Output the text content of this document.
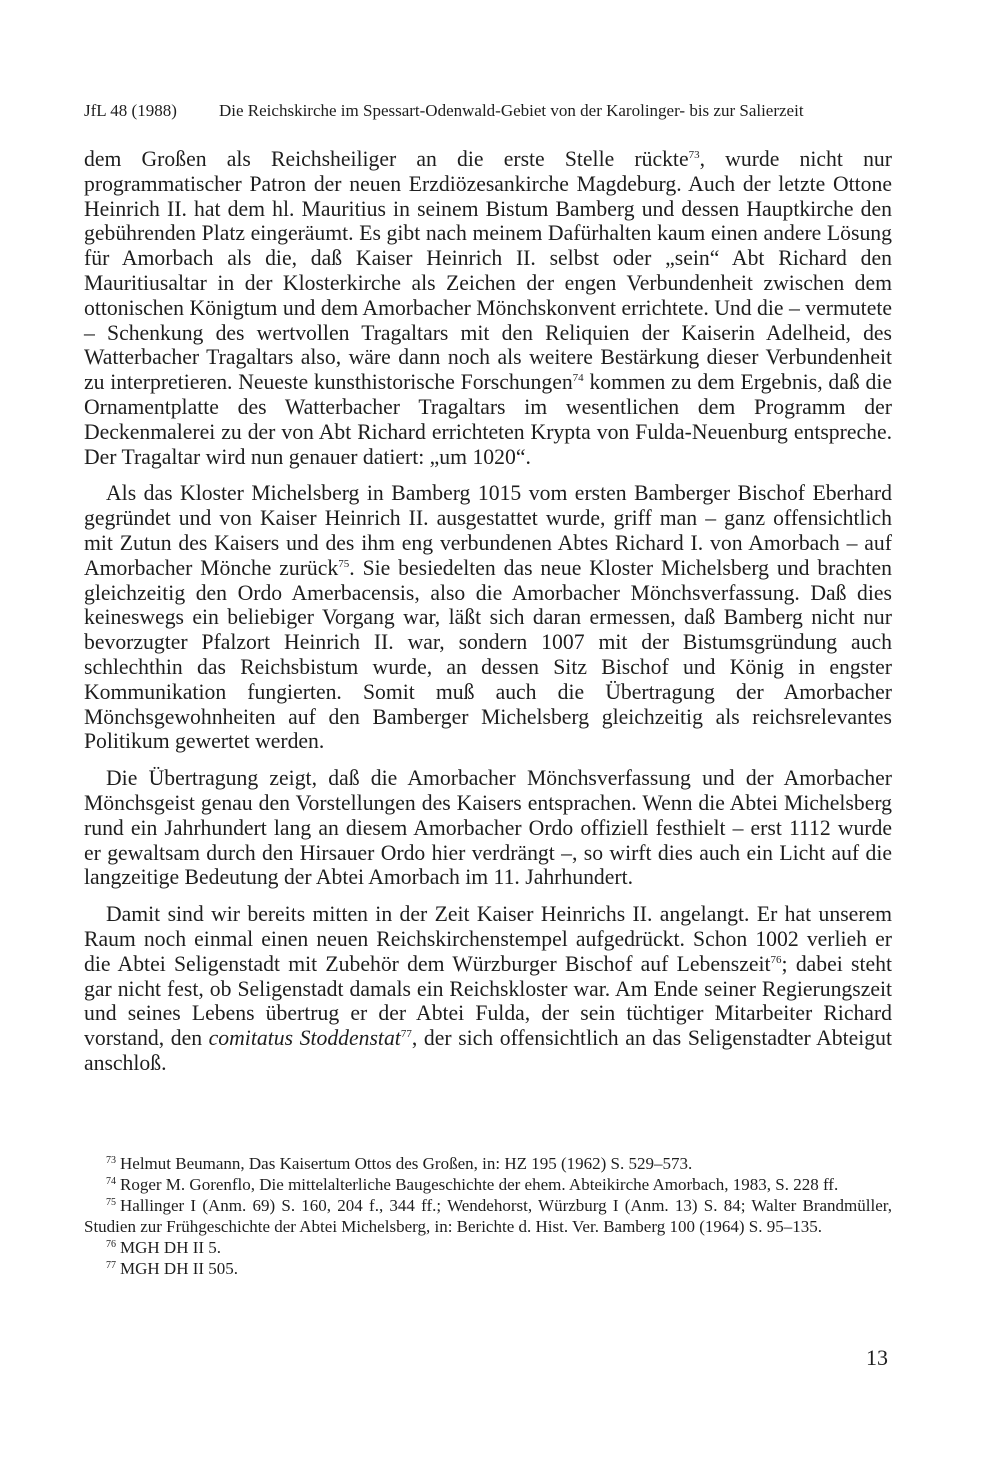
JfL 48 (1988) Die Reichskirche im Spessart-Odenwald-Gebiet von der Karolinger- bis zur Salierzeit

dem Großen als Reichsheiliger an die erste Stelle rückte$^{73}$, wurde nicht nur programmatischer Patron der neuen Erzdiözesankirche Magdeburg. Auch der letzte Ottone Heinrich II. hat dem hl. Mauritius in seinem Bistum Bamberg und dessen Hauptkirche den gebührenden Platz eingeräumt. Es gibt nach meinem Dafürhalten kaum einen andere Lösung für Amorbach als die, daß Kaiser Heinrich II. selbst oder „sein“ Abt Richard den Mauritiusaltar in der Klosterkirche als Zeichen der engen Verbundenheit zwischen dem ottonischen Königtum und dem Amorbacher Mönchskonvent errichtete. Und die – vermutete – Schenkung des wertvollen Tragaltars mit den Reliquien der Kaiserin Adelheid, des Watterbacher Tragaltars also, wäre dann noch als weitere Bestärkung dieser Verbundenheit zu interpretieren. Neueste kunsthistorische Forschungen$^{74}$ kommen zu dem Ergebnis, daß die Ornamentplatte des Watterbacher Tragaltars im wesentlichen dem Programm der Deckenmalerei zu der von Abt Richard errichteten Krypta von Fulda-Neuenburg entspreche. Der Tragaltar wird nun genauer datiert: „um 1020“.

Als das Kloster Michelsberg in Bamberg 1015 vom ersten Bamberger Bischof Eberhard gegründet und von Kaiser Heinrich II. ausgestattet wurde, griff man – ganz offensichtlich mit Zutun des Kaisers und des ihm eng verbundenen Abtes Richard I. von Amorbach – auf Amorbacher Mönche zurück$^{75}$. Sie besiedelten das neue Kloster Michelsberg und brachten gleichzeitig den Ordo Amerbacensis, also die Amorbacher Mönchsverfassung. Daß dies keineswegs ein beliebiger Vorgang war, läßt sich daran ermessen, daß Bamberg nicht nur bevorzugter Pfalzort Heinrich II. war, sondern 1007 mit der Bistumsgründung auch schlechthin das Reichsbistum wurde, an dessen Sitz Bischof und König in engster Kommunikation fungierten. Somit muß auch die Übertragung der Amorbacher Mönchsgewohnheiten auf den Bamberger Michelsberg gleichzeitig als reichsrelevantes Politikum gewertet werden.

Die Übertragung zeigt, daß die Amorbacher Mönchsverfassung und der Amorbacher Mönchsgeist genau den Vorstellungen des Kaisers entsprachen. Wenn die Abtei Michelsberg rund ein Jahrhundert lang an diesem Amorbacher Ordo offiziell festhielt – erst 1112 wurde er gewaltsam durch den Hirsauer Ordo hier verdrängt –, so wirft dies auch ein Licht auf die langzeitige Bedeutung der Abtei Amorbach im 11. Jahrhundert.

Damit sind wir bereits mitten in der Zeit Kaiser Heinrichs II. angelangt. Er hat unserem Raum noch einmal einen neuen Reichskirchenstempel aufgedrückt. Schon 1002 verlieh er die Abtei Seligenstadt mit Zubehör dem Würzburger Bischof auf Lebenszeit$^{76}$; dabei steht gar nicht fest, ob Seligenstadt damals ein Reichskloster war. Am Ende seiner Regierungszeit und seines Lebens übertrug er der Abtei Fulda, der sein tüchtiger Mitarbeiter Richard vorstand, den comitatus Stoddenstat$^{77}$, der sich offensichtlich an das Seligenstadter Abteigut anschloß.

$^{73}$ Helmut Beumann, Das Kaisertum Ottos des Großen, in: HZ 195 (1962) S. 529–573.
$^{74}$ Roger M. Gorenflo, Die mittelalterliche Baugeschichte der ehem. Abteikirche Amorbach, 1983, S. 228 ff.
$^{75}$ Hallinger I (Anm. 69) S. 160, 204 f., 344 ff.; Wendehorst, Würzburg I (Anm. 13) S. 84; Walter Brandmüller, Studien zur Frühgeschichte der Abtei Michelsberg, in: Berichte d. Hist. Ver. Bamberg 100 (1964) S. 95–135.
$^{76}$ MGH DH II 5.
$^{77}$ MGH DH II 505.
13
